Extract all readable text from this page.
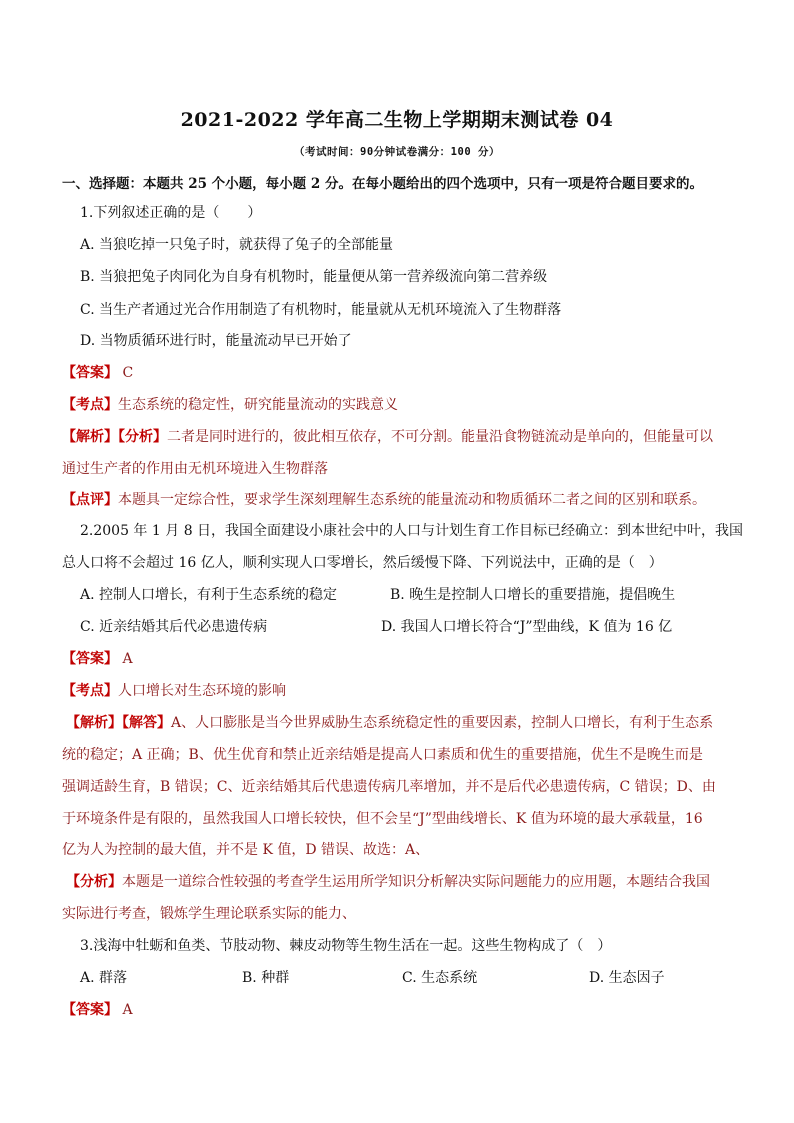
2021-2022 学年高二生物上学期期末测试卷 04
（考试时间：90分钟试卷满分：100 分）
一、选择题：本题共 25 个小题，每小题 2 分。在每小题给出的四个选项中，只有一项是符合题目要求的。
1.下列叙述正确的是（　　）
A. 当狼吃掉一只兔子时，就获得了兔子的全部能量
B. 当狼把兔子肉同化为自身有机物时，能量便从第一营养级流向第二营养级
C. 当生产者通过光合作用制造了有机物时，能量就从无机环境流入了生物群落
D. 当物质循环进行时，能量流动早已开始了
【答案】 C
【考点】生态系统的稳定性，研究能量流动的实践意义
【解析】【分析】二者是同时进行的，彼此相互依存，不可分割。能量沿食物链流动是单向的，但能量可以
通过生产者的作用由无机环境进入生物群落
【点评】本题具一定综合性，要求学生深刻理解生态系统的能量流动和物质循环二者之间的区别和联系。
2.2005 年 1 月 8 日，我国全面建设小康社会中的人口与计划生育工作目标已经确立：到本世纪中叶，我国
总人口将不会超过 16 亿人，顺利实现人口零增长，然后缓慢下降、下列说法中，正确的是（　）
A. 控制人口增长，有利于生态系统的稳定	B. 晚生是控制人口增长的重要措施，提倡晚生
C. 近亲结婚其后代必患遗传病	D. 我国人口增长符合“J”型曲线，K 值为 16 亿
【答案】 A
【考点】人口增长对生态环境的影响
【解析】【解答】A、人口膨胀是当今世界威胁生态系统稳定性的重要因素，控制人口增长，有利于生态系
统的稳定；A 正确；B、优生优育和禁止近亲结婚是提高人口素质和优生的重要措施，优生不是晚生而是
强调适龄生育，B 错误；C、近亲结婚其后代患遗传病几率增加，并不是后代必患遗传病，C 错误；D、由
于环境条件是有限的，虽然我国人口增长较快，但不会呈“J”型曲线增长、K 值为环境的最大承载量，16
亿为人为控制的最大值，并不是 K 值，D 错误、故选：A、
【分析】本题是一道综合性较强的考查学生运用所学知识分析解决实际问题能力的应用题，本题结合我国
实际进行考查，锻炼学生理论联系实际的能力、
3.浅海中牡蛎和鱼类、节肢动物、棘皮动物等生物生活在一起。这些生物构成了（　）
A. 群落	B. 种群	C. 生态系统	D. 生态因子
【答案】 A
